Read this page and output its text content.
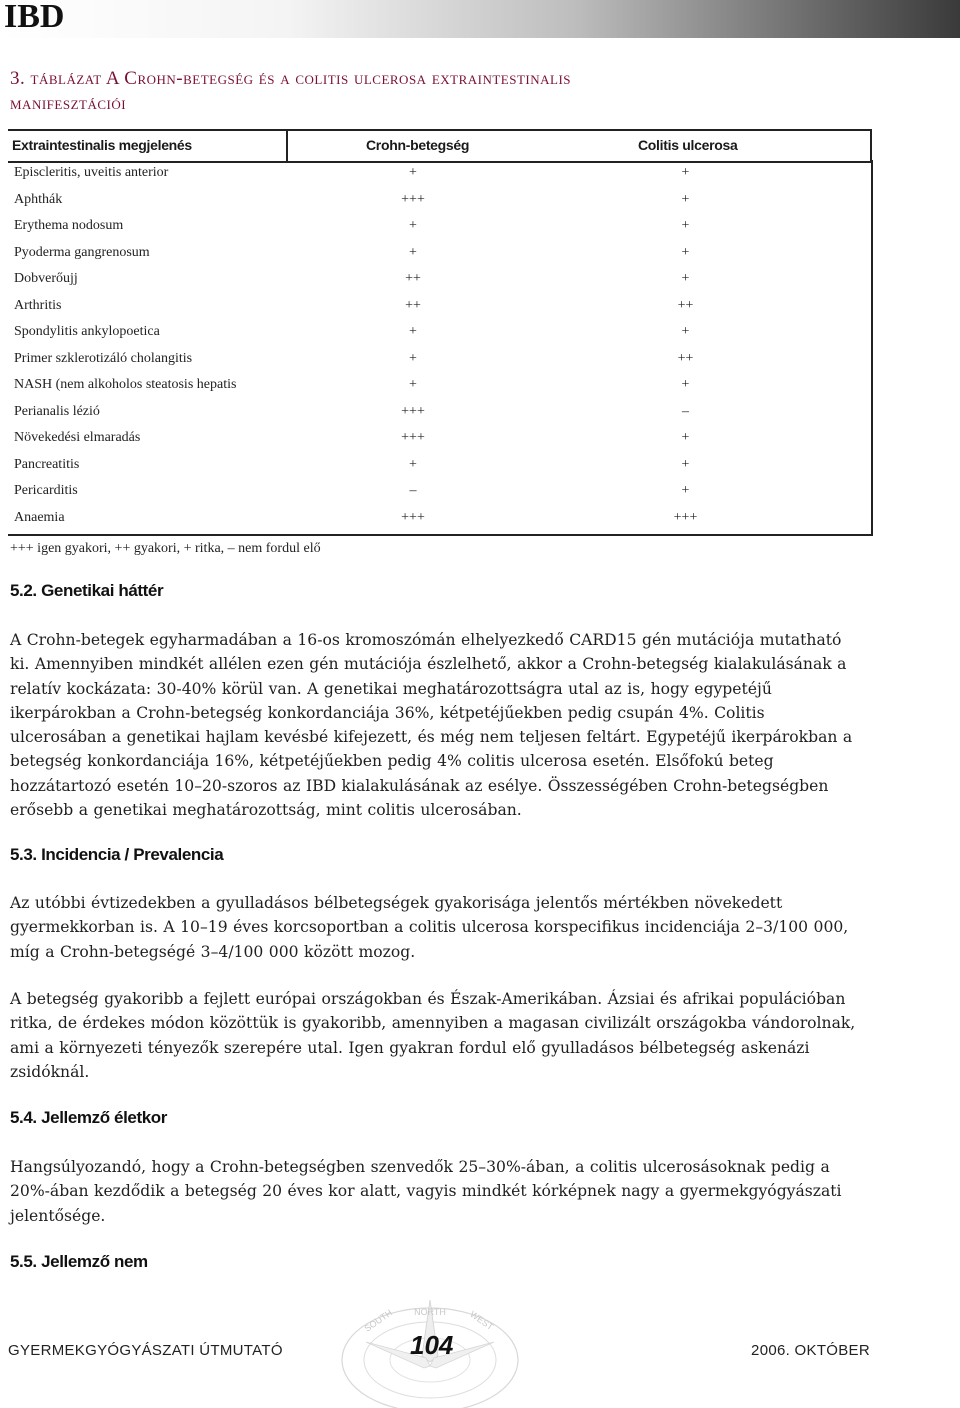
IBD
3. táblázat A Crohn-betegség és a colitis ulcerosa extraintestinalis
manifesztációi
Extraintestinalis megjelenés	Crohn-betegség	Colitis ulcerosa
Episcleritis, uveitis anterior	+	+
Aphthák	+++	+
Erythema nodosum	+	+
Pyoderma gangrenosum	+	+
Dobverőujj	++	+
Arthritis	++	++
Spondylitis ankylopoetica	+	+
Primer szklerotizáló cholangitis	+	++
NASH (nem alkoholos steatosis hepatis	+	+
Perianalis lézió	+++	–
Növekedési elmaradás	+++	+
Pancreatitis	+	+
Pericarditis	–	+
Anaemia	+++	+++
+++ igen gyakori, ++ gyakori, + ritka, – nem fordul elő
5.2. Genetikai háttér
A Crohn-betegek egyharmadában a 16-os kromoszómán elhelyezkedő CARD15 gén mutációja mutatható ki. Amennyiben mindkét allélen ezen gén mutációja észlelhető, akkor a Crohn-betegség kialakulásának a relatív kockázata: 30-40% körül van. A genetikai meghatározottságra utal az is, hogy egypetéjű ikerpárokban a Crohn-betegség konkordanciája 36%, kétpetéjűekben pedig csupán 4%. Colitis ulcerosában a genetikai hajlam kevésbé kifejezett, és még nem teljesen feltárt. Egypetéjű ikerpárokban a betegség konkordanciája 16%, kétpetéjűekben pedig 4% colitis ulcerosa esetén. Elsőfokú beteg hozzátartozó esetén 10–20-szoros az IBD kialakulásának az esélye. Összességében Crohn-betegségben erősebb a genetikai meghatározottság, mint colitis ulcerosában.
5.3. Incidencia / Prevalencia
Az utóbbi évtizedekben a gyulladásos bélbetegségek gyakorisága jelentős mértékben növekedett gyermekkorban is. A 10–19 éves korcsoportban a colitis ulcerosa korspecifikus incidenciája 2–3/100 000, míg a Crohn-betegségé 3–4/100 000 között mozog.
A betegség gyakoribb a fejlett európai országokban és Észak-Amerikában. Ázsiai és afrikai populációban ritka, de érdekes módon közöttük is gyakoribb, amennyiben a magasan civilizált országokba vándorolnak, ami a környezeti tényezők szerepére utal. Igen gyakran fordul elő gyulladásos bélbetegség askenázi zsidóknál.
5.4. Jellemző életkor
Hangsúlyozandó, hogy a Crohn-betegségben szenvedők 25–30%-ában, a colitis ulcerosásoknak pedig a 20%-ában kezdődik a betegség 20 éves kor alatt, vagyis mindkét kórképnek nagy a gyermekgyógyászati jelentősége.
5.5. Jellemző nem
NORTH WEST
SOUTH
GYERMEKGYÓGYÁSZATI ÚTMUTATÓ	104	2006. OKTÓBER
